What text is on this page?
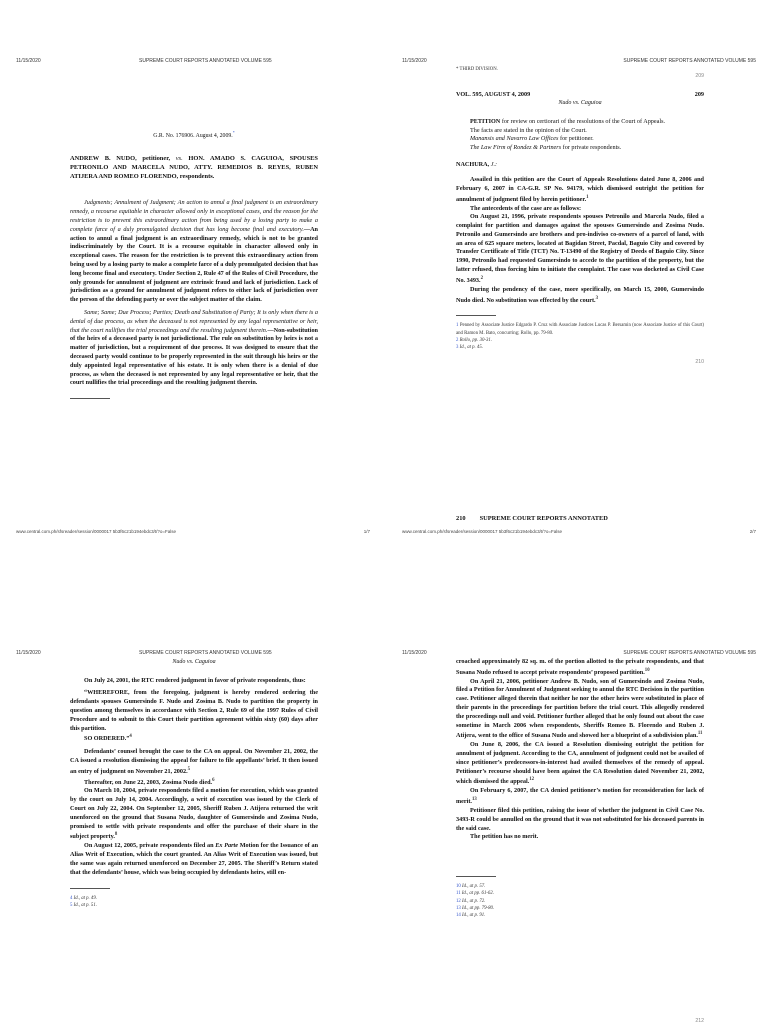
11/15/2020	SUPREME COURT REPORTS ANNOTATED VOLUME 595
G.R. No. 176906. August 4, 2009.*
ANDREW B. NUDO, petitioner, vs. HON. AMADO S. CAGUIOA, SPOUSES PETRONILO AND MARCELA NUDO, ATTY. REMEDIOS B. REYES, RUBEN ATIJERA AND ROMEO FLORENDO, respondents.

Judgments; Annulment of Judgment; An action to annul a final judgment is an extraordinary remedy, a recourse equitable in character allowed only in exceptional cases, and the reason for the restriction is to prevent this extraordinary action from being used by a losing party to make a complete farce of a duly promulgated decision that has long become final and executory.—An action to annul a final judgment is an extraordinary remedy, which is not to be granted indiscriminately by the Court. It is a recourse equitable in character allowed only in exceptional cases. The reason for the restriction is to prevent this extraordinary action from being used by a losing party to make a complete farce of a duly promulgated decision that has long become final and executory. Under Section 2, Rule 47 of the Rules of Civil Procedure, the only grounds for annulment of judgment are extrinsic fraud and lack of jurisdiction. Lack of jurisdiction as a ground for annulment of judgment refers to either lack of jurisdiction over the person of the defending party or over the subject matter of the claim.

Same; Same; Due Process; Parties; Death and Substitution of Party; It is only when there is a denial of due process, as when the deceased is not represented by any legal representative or heir, that the court nullifies the trial proceedings and the resulting judgment therein.—Non-substitution of the heirs of a deceased party is not jurisdictional. The rule on substitution by heirs is not a matter of jurisdiction, but a requirement of due process. It was designed to ensure that the deceased party would continue to be properly represented in the suit through his heirs or the duly appointed legal representative of his estate. It is only when there is a denial of due process, as when the deceased is not represented by any legal representative or heir, that the court nullifies the trial proceedings and the resulting judgment therein.

www.central.com.ph/sfsreader/session/0000017 5b3f6c21b194ebdc3/t/?o=False	1/7
11/15/2020	SUPREME COURT REPORTS ANNOTATED VOLUME 595
* THIRD DIVISION.
209
VOL. 595, AUGUST 4, 2009	209
Nudo vs. Caguioa

PETITION for review on certiorari of the resolutions of the Court of Appeals.

The facts are stated in the opinion of the Court.

Manansis and Navarro Law Offices for petitioner.

The Law Firm of Rondez & Partners for private respondents.

NACHURA, J.:

Assailed in this petition are the Court of Appeals Resolutions dated June 8, 2006 and February 6, 2007 in CA-G.R. SP No. 94179, which dismissed outright the petition for annulment of judgment filed by herein petitioner.$^1$

The antecedents of the case are as follows:

On August 21, 1996, private respondents spouses Petronilo and Marcela Nudo, filed a complaint for partition and damages against the spouses Gumersindo and Zosima Nudo. Petronilo and Gumersindo are brothers and pro-indiviso co-owners of a parcel of land, with an area of 625 square meters, located at Bagidan Street, Pacdal, Baguio City and covered by Transfer Certificate of Title (TCT) No. T-13490 of the Registry of Deeds of Baguio City. Since 1990, Petronilo had requested Gumersindo to accede to the partition of the property, but the latter refused, thus forcing him to initiate the complaint. The case was docketed as Civil Case No. 3493.$^2$

During the pendency of the case, more specifically, on March 15, 2000, Gumersindo Nudo died. No substitution was effected by the court.$^3$

1 Penned by Associate Justice Edgardo P. Cruz with Associate Justices Lucas P. Bersamin (now Associate Justice of this Court) and Ramon M. Bato, concurring; Rollo, pp. 79-80.
2 Rollo, pp. 30-31.
3 Id., at p. 45.
210
210 SUPREME COURT REPORTS ANNOTATED
www.central.com.ph/sfsreader/session/0000017 5b3f6c21b194ebdc3/t/?o=False	2/7
11/15/2020	SUPREME COURT REPORTS ANNOTATED VOLUME 595
Nudo vs. Caguioa

On July 24, 2001, the RTC rendered judgment in favor of private respondents, thus:

“WHEREFORE, from the foregoing, judgment is hereby rendered ordering the defendants spouses Gumersindo F. Nudo and Zosima B. Nudo to partition the property in question among themselves in accordance with Section 2, Rule 69 of the 1997 Rules of Civil Procedure and to submit to this Court their partition agreement within sixty (60) days after this partition.

SO ORDERED.”$^4$

Defendants’ counsel brought the case to the CA on appeal. On November 21, 2002, the CA issued a resolution dismissing the appeal for failure to file appellants’ brief. It then issued an entry of judgment on November 21, 2002.$^5$

Thereafter, on June 22, 2003, Zosima Nudo died.$^6$

On March 10, 2004, private respondents filed a motion for execution, which was granted by the court on July 14, 2004. Accordingly, a writ of execution was issued by the Clerk of Court on July 22, 2004. On September 12, 2005, Sheriff Ruben J. Atijera returned the writ unenforced on the ground that Susana Nudo, daughter of Gumersindo and Zosima Nudo, promised to settle with private respondents and offer the purchase of their share in the subject property.$^8$

On August 12, 2005, private respondents filed an Ex Parte Motion for the Issuance of an Alias Writ of Execution, which the court granted. An Alias Writ of Execution was issued, but the same was again returned unenforced on December 27, 2005. The Sheriff’s Return stated that the defendants’ house, which was being occupied by defendants heirs, still en-

4 Id., at p. 49.
5 Id., at p. 51.
11/15/2020	SUPREME COURT REPORTS ANNOTATED VOLUME 595

croached approximately 82 sq. m. of the portion allotted to the private respondents, and that Susana Nudo refused to accept private respondents’ proposed partition.$^{10}$

On April 21, 2006, petitioner Andrew B. Nudo, son of Gumersindo and Zosima Nudo, filed a Petition for Annulment of Judgment seeking to annul the RTC Decision in the partition case. Petitioner alleged therein that neither he nor the other heirs were substituted in place of their parents in the proceedings for partition before the trial court. This allegedly rendered the proceedings null and void. Petitioner further alleged that he only found out about the case sometime in March 2006 when respondents, Sheriffs Romeo B. Florendo and Ruben J. Atijera, went to the office of Susana Nudo and showed her a blueprint of a subdivision plan.$^{11}$

On June 8, 2006, the CA issued a Resolution dismissing outright the petition for annulment of judgment. According to the CA, annulment of judgment could not be availed of since petitioner’s predecessors-in-interest had availed themselves of the remedy of appeal. Petitioner’s recourse should have been against the CA Resolution dated November 21, 2002, which dismissed the appeal.$^{12}$

On February 6, 2007, the CA denied petitioner’s motion for reconsideration for lack of merit.$^{13}$

Petitioner filed this petition, raising the issue of whether the judgment in Civil Case No. 3493-R could be annulled on the ground that it was not substituted for his deceased parents in the said case.

The petition has no merit.

10 Id., at p. 57.
11 Id., at pp. 61-62.
12 Id., at p. 72.
13 Id., at pp. 79-80.
14 Id., at p. 91.
212
